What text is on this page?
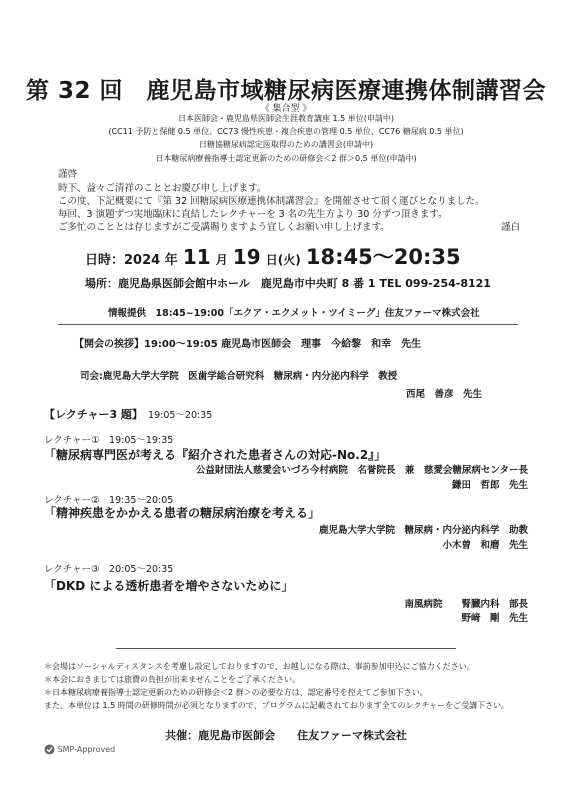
第 32 回　鹿児島市域糖尿病医療連携体制講習会
《 集合型 》
日本医師会・鹿児島県医師会生涯教育講座 1.5 単位(申請中)
(CC11 予防と保健 0.5 単位、CC73 慢性疾患・複合疾患の管理 0.5 単位、CC76 糖尿病 0.5 単位)
日糖協糖尿病認定医取得のための講習会(申請中)
日本糖尿病療養指導士認定更新のための研修会＜2 群＞0.5 単位(申請中)
謹啓
時下、益々ご清祥のこととお慶び申し上げます。
この度、下記概要にて『第 32 回糖尿病医療連携体制講習会』を開催させて頂く運びとなりました。
毎回、3 演題ずつ実地臨床に直結したレクチャーを 3 名の先生方より 30 分ずつ頂きます。
ご多忙のこととは存じますがご受講賜りますよう宜しくお願い申し上げます。	謹白
日時：2024 年 11 月 19 日(火) 18:45～20:35
場所：鹿児島県医師会館中ホール　鹿児島市中央町 8 番 1 TEL 099-254-8121
情報提供　18:45~19:00「エクア・エクメット・ツイミーグ」住友ファーマ株式会社
【開会の挨拶】19:00～19:05 鹿児島市医師会　理事　今給黎　和幸　先生
司会:鹿児島大学大学院　医歯学総合研究科　糖尿病・内分泌内科学　教授
西尾　善彦　先生
【レクチャー3 題】 19:05～20:35
レクチャー①　19:05～19:35
「糖尿病専門医が考える『紹介された患者さんの対応-No.2』」
公益財団法人慈愛会いづろ今村病院　名誉院長　兼　慈愛会糖尿病センター長
鎌田　哲郎　先生
レクチャー②　19:35～20:05
「精神疾患をかかえる患者の糖尿病治療を考える」
鹿児島大学大学院　糖尿病・内分泌内科学　助教
小木曽　和磨　先生
レクチャー③　20:05～20:35
「DKD による透析患者を増やさないために」
南風病院　　腎臓内科　部長
野﨑　剛　先生
＊会場はソーシャルディスタンスを考慮し設定しておりますので、お越しになる際は、事前参加申込にご協力ください。
＊本会におきましては旅費の負担が出来ませんことをご了承ください。
＊日本糖尿病療養指導士認定更新のための研修会＜2 群＞の必要な方は、認定番号を控えてご参加下さい。
また、本単位は 1.5 時間の研修時間が必須となりますので、プログラムに記載されております全てのレクチャーをご受講下さい。
共催：鹿児島市医師会　　住友ファーマ株式会社
SMP-Approved
